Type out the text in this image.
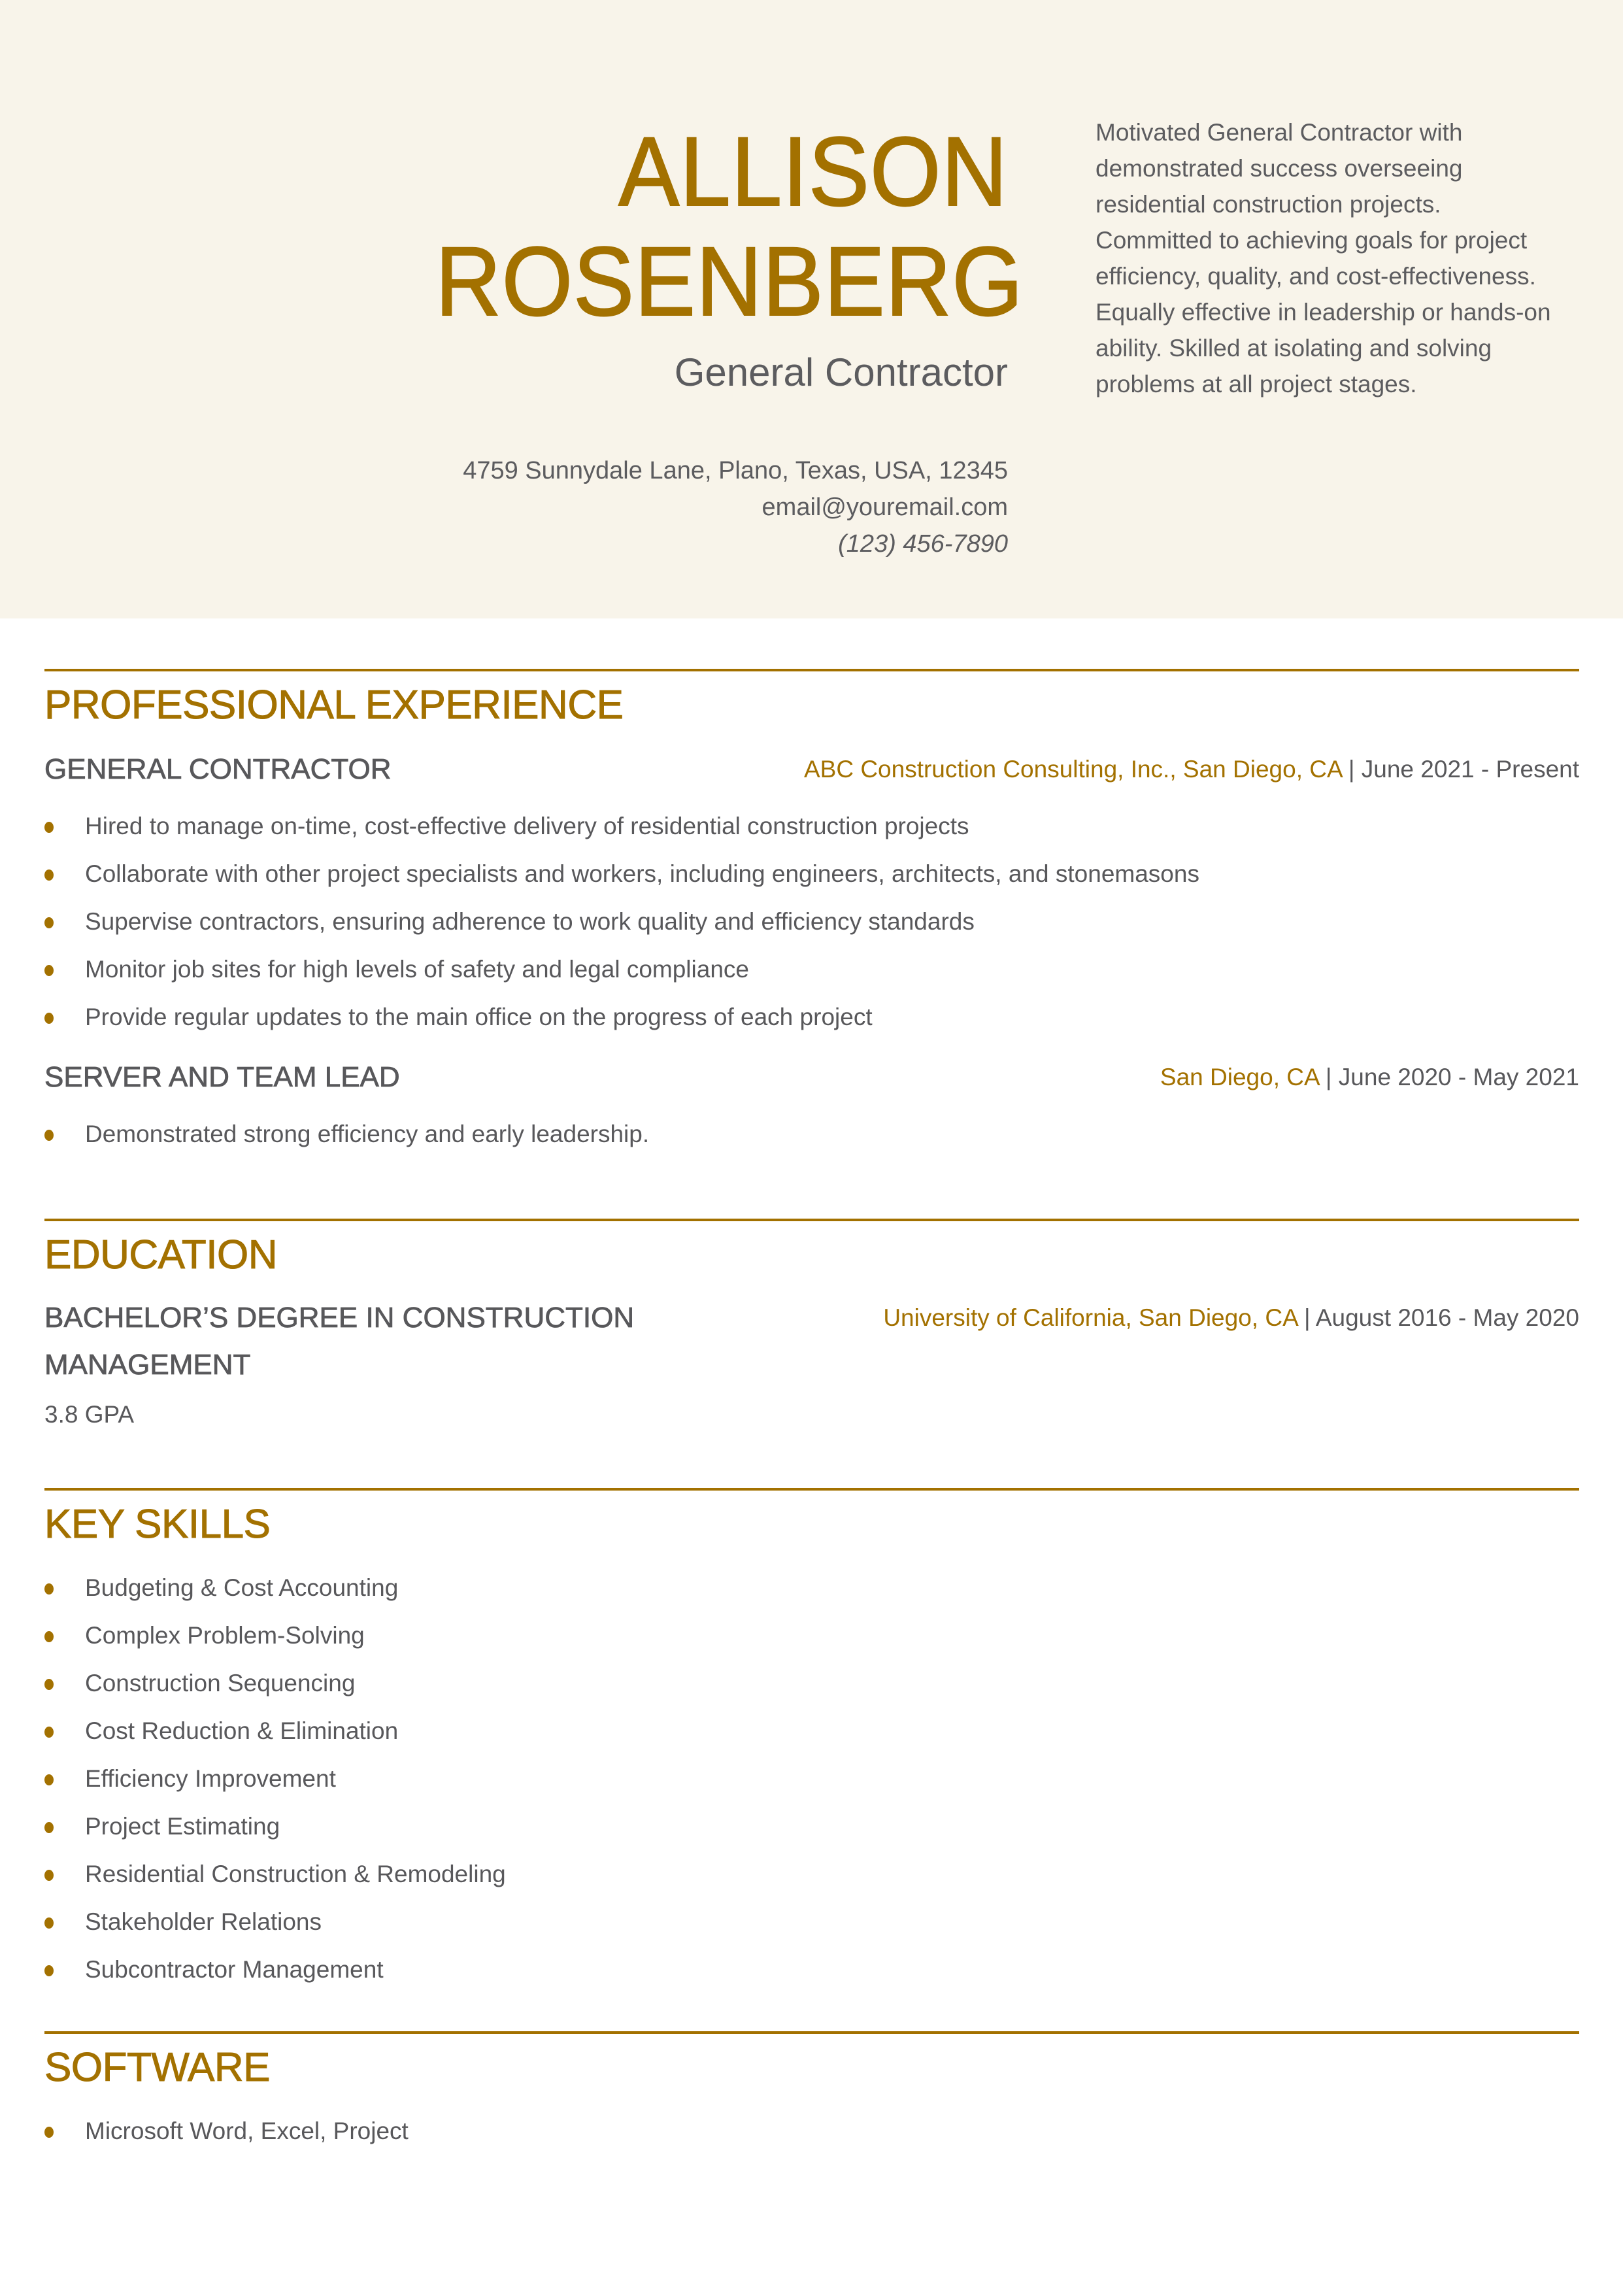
ALLISON
ROSENBERG
General Contractor
4759 Sunnydale Lane, Plano, Texas, USA, 12345
email@youremail.com
(123) 456-7890
Motivated General Contractor with demonstrated success overseeing residential construction projects. Committed to achieving goals for project efficiency, quality, and cost-effectiveness. Equally effective in leadership or hands-on ability. Skilled at isolating and solving problems at all project stages.
PROFESSIONAL EXPERIENCE
GENERAL CONTRACTOR	ABC Construction Consulting, Inc., San Diego, CA | June 2021 - Present
Hired to manage on-time, cost-effective delivery of residential construction projects
Collaborate with other project specialists and workers, including engineers, architects, and stonemasons
Supervise contractors, ensuring adherence to work quality and efficiency standards
Monitor job sites for high levels of safety and legal compliance
Provide regular updates to the main office on the progress of each project
SERVER AND TEAM LEAD	San Diego, CA | June 2020 - May 2021
Demonstrated strong efficiency and early leadership.
EDUCATION
BACHELOR’S DEGREE IN CONSTRUCTION
MANAGEMENT
University of California, San Diego, CA | August 2016 - May 2020
3.8 GPA
KEY SKILLS
Budgeting & Cost Accounting
Complex Problem-Solving
Construction Sequencing
Cost Reduction & Elimination
Efficiency Improvement
Project Estimating
Residential Construction & Remodeling
Stakeholder Relations
Subcontractor Management
SOFTWARE
Microsoft Word, Excel, Project
